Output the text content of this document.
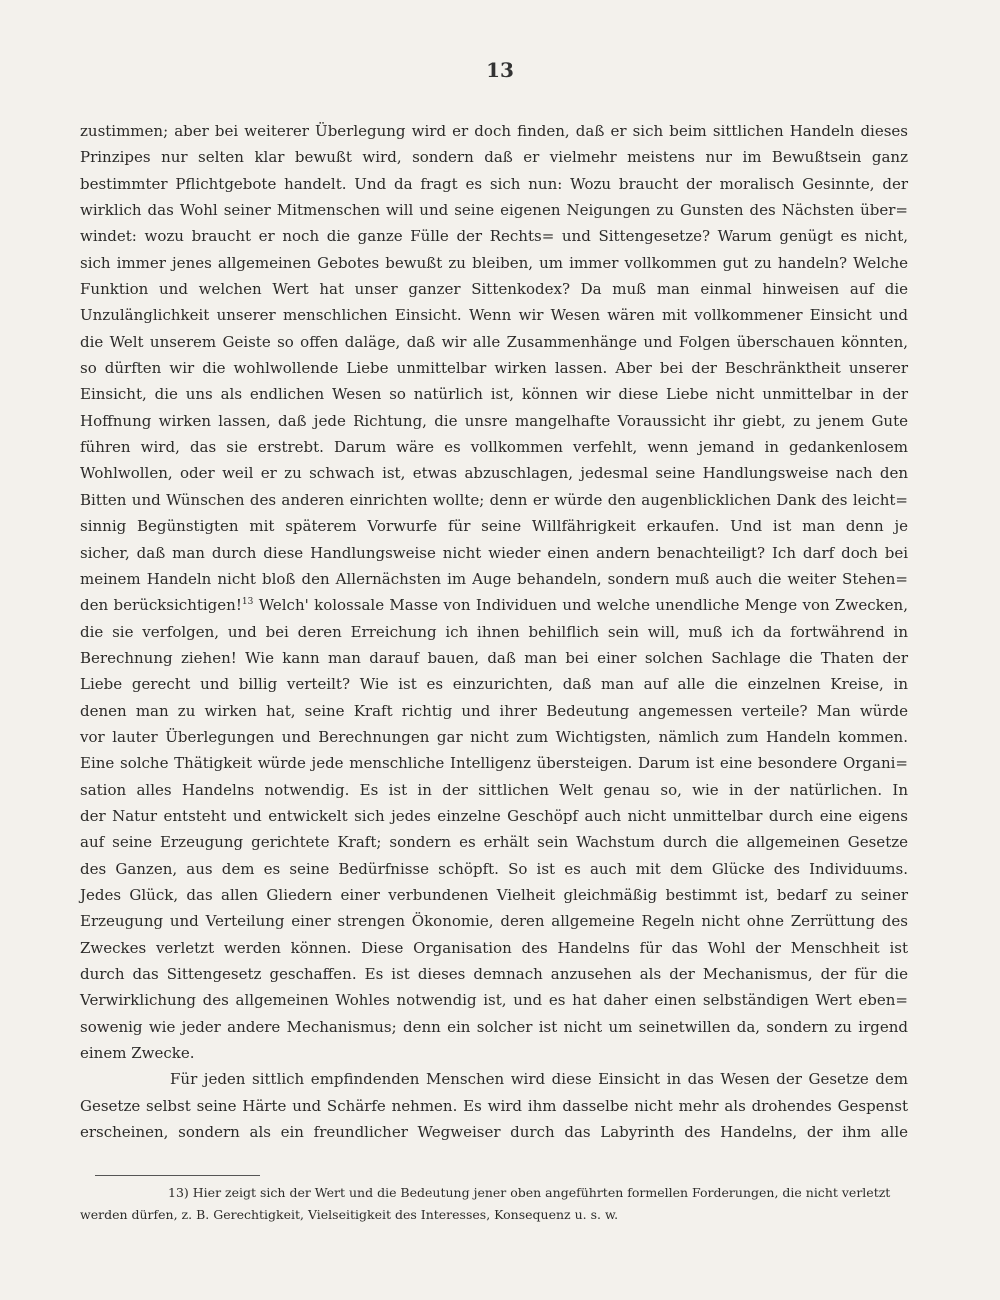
13
zustimmen; aber bei weiterer Überlegung wird er doch finden, daß er sich beim sittlichen Handeln dieses
Prinzipes nur selten klar bewußt wird, sondern daß er vielmehr meistens nur im Bewußtsein ganz
bestimmter Pflichtgebote handelt. Und da fragt es sich nun: Wozu braucht der moralisch Gesinnte, der
wirklich das Wohl seiner Mitmenschen will und seine eigenen Neigungen zu Gunsten des Nächsten über=
windet: wozu braucht er noch die ganze Fülle der Rechts= und Sittengesetze? Warum genügt es nicht,
sich immer jenes allgemeinen Gebotes bewußt zu bleiben, um immer vollkommen gut zu handeln? Welche
Funktion und welchen Wert hat unser ganzer Sittenkodex? Da muß man einmal hinweisen auf die
Unzulänglichkeit unserer menschlichen Einsicht. Wenn wir Wesen wären mit vollkommener Einsicht und
die Welt unserem Geiste so offen daläge, daß wir alle Zusammenhänge und Folgen überschauen könnten,
so dürften wir die wohlwollende Liebe unmittelbar wirken lassen. Aber bei der Beschränktheit unserer
Einsicht, die uns als endlichen Wesen so natürlich ist, können wir diese Liebe nicht unmittelbar in der
Hoffnung wirken lassen, daß jede Richtung, die unsre mangelhafte Voraussicht ihr giebt, zu jenem Gute
führen wird, das sie erstrebt. Darum wäre es vollkommen verfehlt, wenn jemand in gedankenlosem
Wohlwollen, oder weil er zu schwach ist, etwas abzuschlagen, jedesmal seine Handlungsweise nach den
Bitten und Wünschen des anderen einrichten wollte; denn er würde den augenblicklichen Dank des leicht=
sinnig Begünstigten mit späterem Vorwurfe für seine Willfährigkeit erkaufen. Und ist man denn je
sicher, daß man durch diese Handlungsweise nicht wieder einen andern benachteiligt? Ich darf doch bei
meinem Handeln nicht bloß den Allernächsten im Auge behandeln, sondern muß auch die weiter Stehen=
den berücksichtigen!$^{13}$ Welch' kolossale Masse von Individuen und welche unendliche Menge von Zwecken,
die sie verfolgen, und bei deren Erreichung ich ihnen behilflich sein will, muß ich da fortwährend in
Berechnung ziehen! Wie kann man darauf bauen, daß man bei einer solchen Sachlage die Thaten der
Liebe gerecht und billig verteilt? Wie ist es einzurichten, daß man auf alle die einzelnen Kreise, in
denen man zu wirken hat, seine Kraft richtig und ihrer Bedeutung angemessen verteile? Man würde
vor lauter Überlegungen und Berechnungen gar nicht zum Wichtigsten, nämlich zum Handeln kommen.
Eine solche Thätigkeit würde jede menschliche Intelligenz übersteigen. Darum ist eine besondere Organi=
sation alles Handelns notwendig. Es ist in der sittlichen Welt genau so, wie in der natürlichen. In
der Natur entsteht und entwickelt sich jedes einzelne Geschöpf auch nicht unmittelbar durch eine eigens
auf seine Erzeugung gerichtete Kraft; sondern es erhält sein Wachstum durch die allgemeinen Gesetze
des Ganzen, aus dem es seine Bedürfnisse schöpft. So ist es auch mit dem Glücke des Individuums.
Jedes Glück, das allen Gliedern einer verbundenen Vielheit gleichmäßig bestimmt ist, bedarf zu seiner
Erzeugung und Verteilung einer strengen Ökonomie, deren allgemeine Regeln nicht ohne Zerrüttung des
Zweckes verletzt werden können. Diese Organisation des Handelns für das Wohl der Menschheit ist
durch das Sittengesetz geschaffen. Es ist dieses demnach anzusehen als der Mechanismus, der für die
Verwirklichung des allgemeinen Wohles notwendig ist, und es hat daher einen selbständigen Wert eben=
sowenig wie jeder andere Mechanismus; denn ein solcher ist nicht um seinetwillen da, sondern zu irgend
einem Zwecke.
Für jeden sittlich empfindenden Menschen wird diese Einsicht in das Wesen der Gesetze dem
Gesetze selbst seine Härte und Schärfe nehmen. Es wird ihm dasselbe nicht mehr als drohendes Gespenst
erscheinen, sondern als ein freundlicher Wegweiser durch das Labyrinth des Handelns, der ihm alle
13) Hier zeigt sich der Wert und die Bedeutung jener oben angeführten formellen Forderungen, die nicht verletzt
werden dürfen, z. B. Gerechtigkeit, Vielseitigkeit des Interesses, Konsequenz u. s. w.
